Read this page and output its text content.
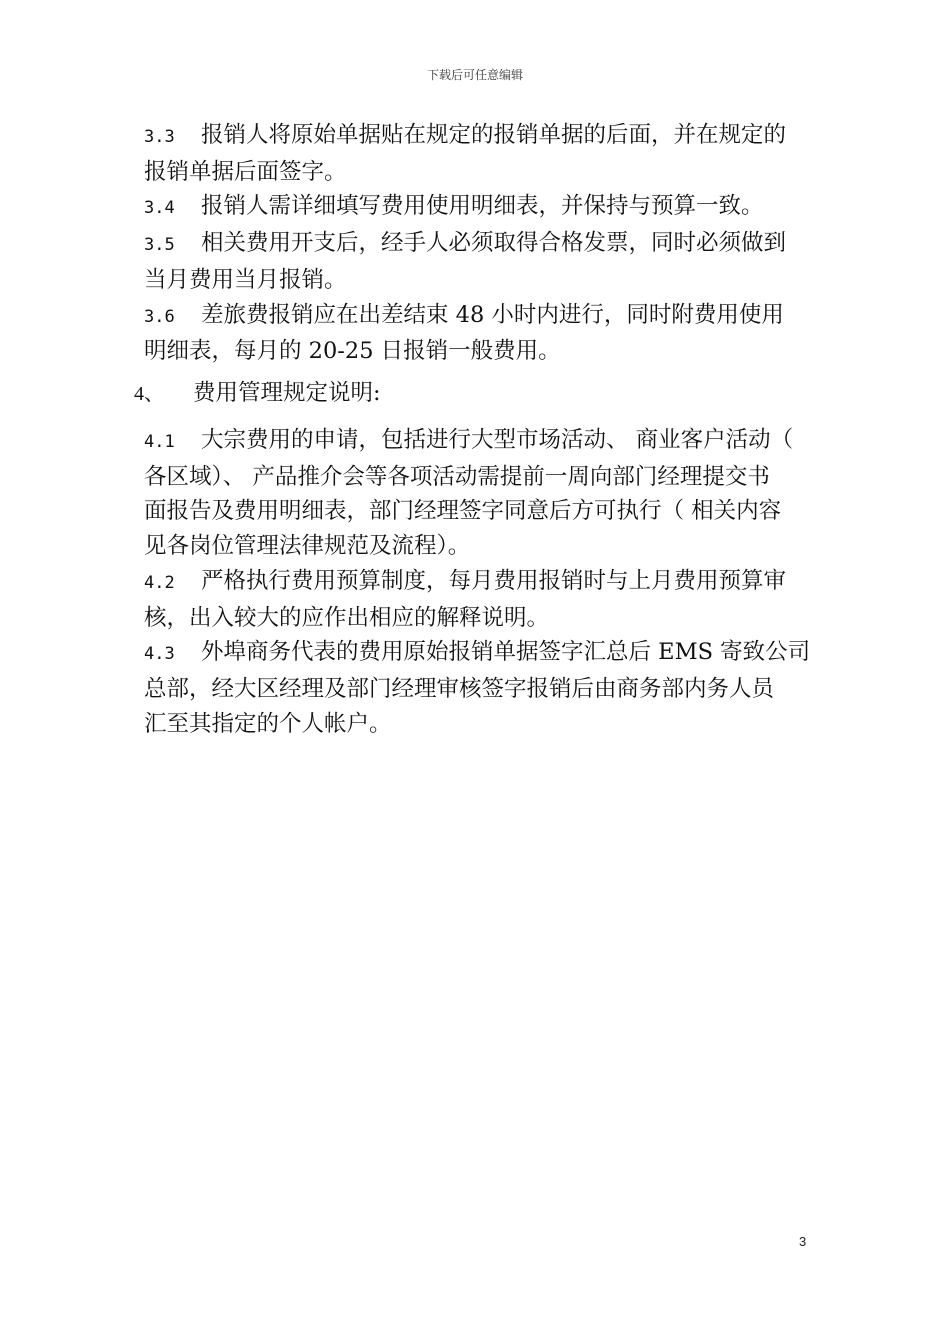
下载后可任意编辑
3.3 报销人将原始单据贴在规定的报销单据的后面，并在规定的
报销单据后面签字。
3.4 报销人需详细填写费用使用明细表，并保持与预算一致。
3.5 相关费用开支后，经手人必须取得合格发票，同时必须做到
当月费用当月报销。
3.6 差旅费报销应在出差结束 48 小时内进行，同时附费用使用
明细表，每月的 20-25 日报销一般费用。
4、 费用管理规定说明:
4.1 大宗费用的申请，包括进行大型市场活动、 商业客户活动（
各区域）、 产品推介会等各项活动需提前一周向部门经理提交书
面报告及费用明细表，部门经理签字同意后方可执行（ 相关内容
见各岗位管理法律规范及流程）。
4.2 严格执行费用预算制度，每月费用报销时与上月费用预算审
核，出入较大的应作出相应的解释说明。
4.3 外埠商务代表的费用原始报销单据签字汇总后 EMS 寄致公司
总部，经大区经理及部门经理审核签字报销后由商务部内务人员
汇至其指定的个人帐户。
3
